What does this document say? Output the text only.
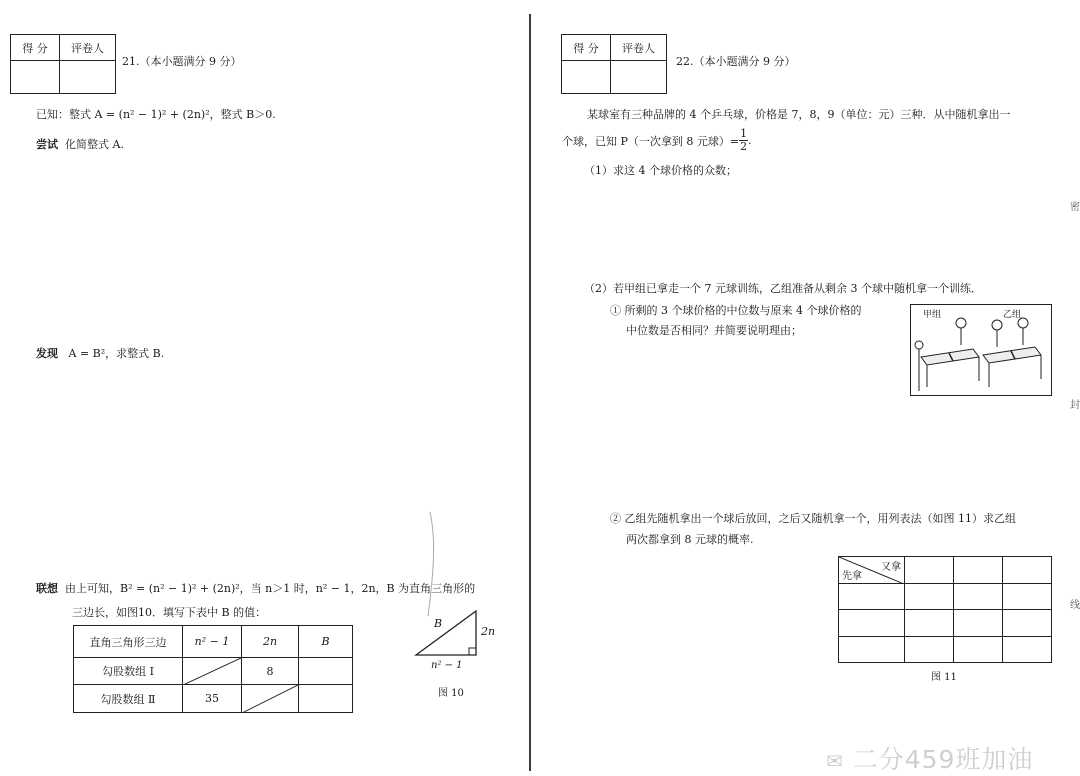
得 分	评卷人

21.（本小题满分 9 分）
已知：整式 A = (n² − 1)² + (2n)²，整式 B＞0.
尝试 化简整式 A.
发现 A = B²，求整式 B.
联想 由上可知，B² = (n² − 1)² + (2n)²，当 n＞1 时，n² − 1，2n，B 为直角三角形的
三边长，如图10．填写下表中 B 的值：
直角三角形三边	n² − 1	2n	B
勾股数组 Ⅰ		8	
勾股数组 Ⅱ	35	

B
2n
n² − 1
图 10
得 分	评卷人

22.（本小题满分 9 分）
某球室有三种品牌的 4 个乒乓球，价格是 7，8，9（单位：元）三种．从中随机拿出一
个球，已知 P（一次拿到 8 元球）= $\frac{1}{2}$ .
（1）求这 4 个球价格的众数；
（2）若甲组已拿走一个 7 元球训练，乙组准备从剩余 3 个球中随机拿一个训练．
① 所剩的 3 个球价格的中位数与原来 4 个球价格的
中位数是否相同？并简要说明理由；
甲组	乙组
② 乙组先随机拿出一个球后放回，之后又随机拿一个，用列表法（如图 11）求乙组
两次都拿到 8 元球的概率.
又拿
先拿			

图 11
密
封
线
✉ 二分459班加油
